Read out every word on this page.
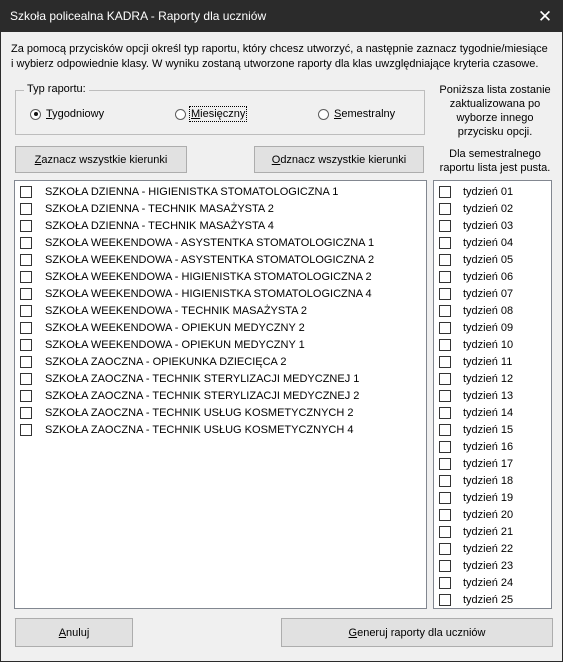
Szkoła policealna KADRA - Raporty dla uczniów	✕
Za pomocą przycisków opcji określ typ raportu, który chcesz utworzyć, a następnie zaznacz tygodnie/miesiące i wybierz odpowiednie klasy. W wyniku zostaną utworzone raporty dla klas uwzględniające kryteria czasowe.
Typ raportu:
Tygodniowy	Miesięczny	Semestralny
Poniższa lista zostanie zaktualizowana po wyborze innego przycisku opcji.
Dla semestralnego raportu lista jest pusta.
Z aznacz wszystkie kierunki	O dznacz wszystkie kierunki
SZKOŁA DZIENNA - HIGIENISTKA STOMATOLOGICZNA 1
SZKOŁA DZIENNA - TECHNIK MASAŻYSTA 2
SZKOŁA DZIENNA - TECHNIK MASAŻYSTA 4
SZKOŁA WEEKENDOWA - ASYSTENTKA STOMATOLOGICZNA 1
SZKOŁA WEEKENDOWA - ASYSTENTKA STOMATOLOGICZNA 2
SZKOŁA WEEKENDOWA - HIGIENISTKA STOMATOLOGICZNA 2
SZKOŁA WEEKENDOWA - HIGIENISTKA STOMATOLOGICZNA 4
SZKOŁA WEEKENDOWA - TECHNIK MASAŻYSTA 2
SZKOŁA WEEKENDOWA - OPIEKUN MEDYCZNY 2
SZKOŁA WEEKENDOWA - OPIEKUN MEDYCZNY 1
SZKOŁA ZAOCZNA - OPIEKUNKA DZIECIĘCA 2
SZKOŁA ZAOCZNA - TECHNIK STERYLIZACJI MEDYCZNEJ 1
SZKOŁA ZAOCZNA - TECHNIK STERYLIZACJI MEDYCZNEJ 2
SZKOŁA ZAOCZNA - TECHNIK USŁUG KOSMETYCZNYCH 2
SZKOŁA ZAOCZNA - TECHNIK USŁUG KOSMETYCZNYCH 4
tydzień 01
tydzień 02
tydzień 03
tydzień 04
tydzień 05
tydzień 06
tydzień 07
tydzień 08
tydzień 09
tydzień 10
tydzień 11
tydzień 12
tydzień 13
tydzień 14
tydzień 15
tydzień 16
tydzień 17
tydzień 18
tydzień 19
tydzień 20
tydzień 21
tydzień 22
tydzień 23
tydzień 24
tydzień 25
A nuluj	G eneruj raporty dla uczniów
